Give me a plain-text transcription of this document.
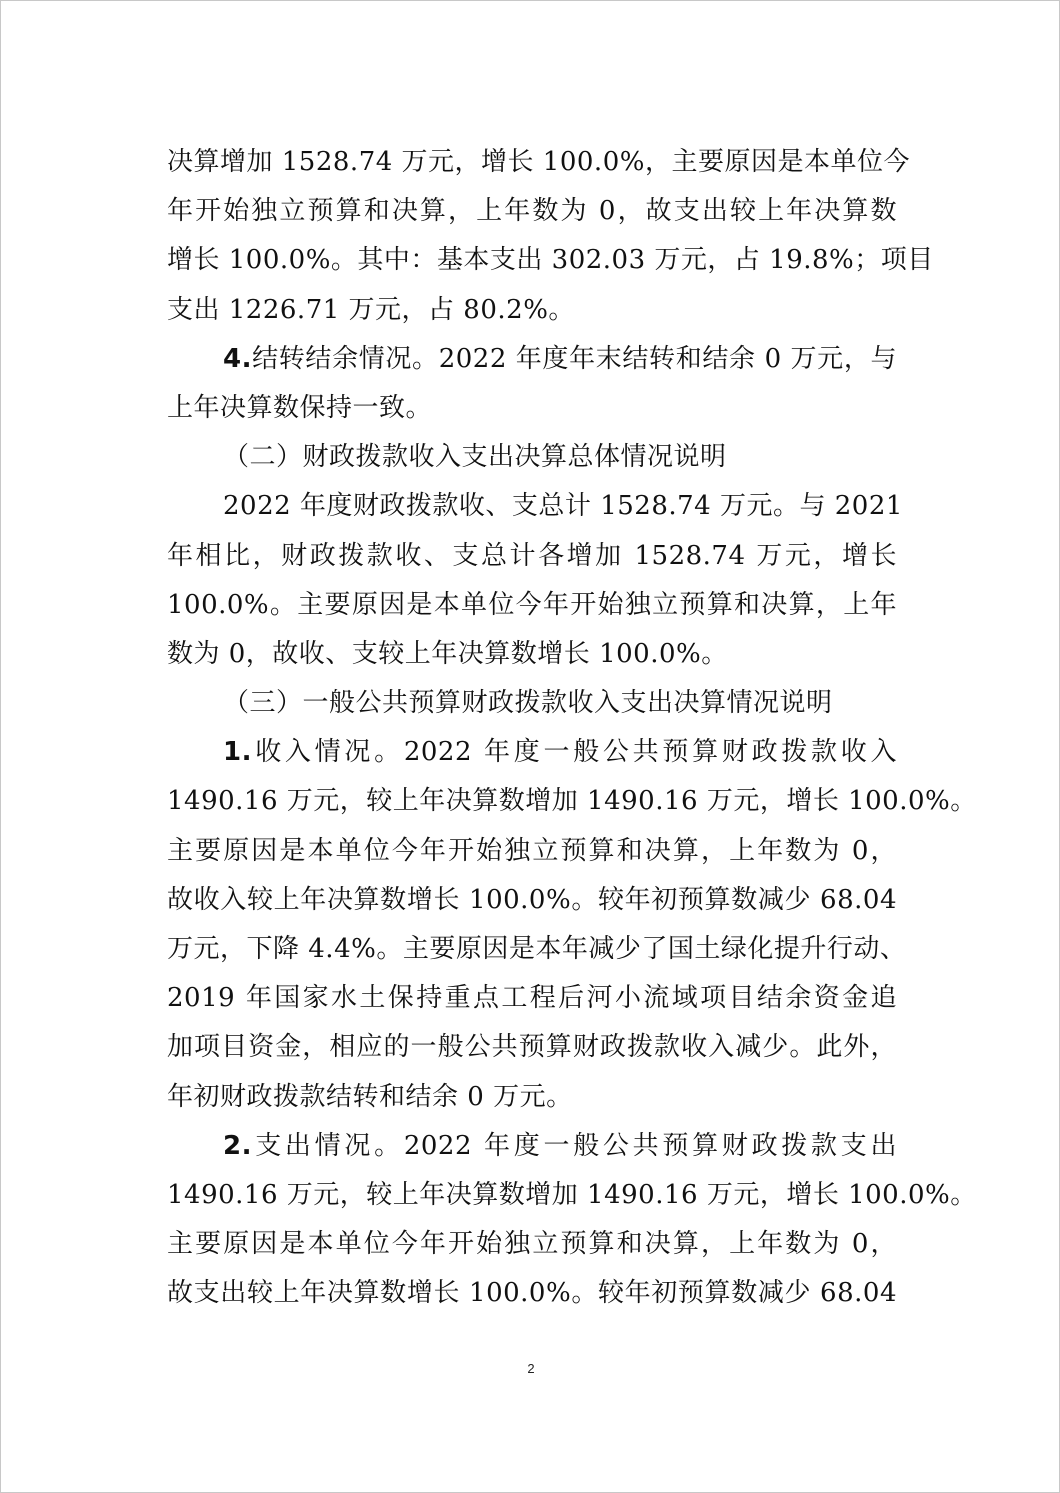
决算增加 1528.74 万元，增长 100.0%，主要原因是本单位今
年开始独立预算和决算，上年数为 0，故支出较上年决算数
增长 100.0%。其中：基本支出 302.03 万元，占 19.8%；项目
支出 1226.71 万元，占 80.2%。
4.结转结余情况。2022 年度年末结转和结余 0 万元，与
上年决算数保持一致。
（二）财政拨款收入支出决算总体情况说明
2022 年度财政拨款收、支总计 1528.74 万元。与 2021
年相比，财政拨款收、支总计各增加 1528.74 万元，增长
100.0%。主要原因是本单位今年开始独立预算和决算，上年
数为 0，故收、支较上年决算数增长 100.0%。
（三）一般公共预算财政拨款收入支出决算情况说明
1.收入情况。2022 年度一般公共预算财政拨款收入
1490.16 万元，较上年决算数增加 1490.16 万元，增长 100.0%。
主要原因是本单位今年开始独立预算和决算，上年数为 0，
故收入较上年决算数增长 100.0%。较年初预算数减少 68.04
万元，下降 4.4%。主要原因是本年减少了国土绿化提升行动、
2019 年国家水土保持重点工程后河小流域项目结余资金追
加项目资金，相应的一般公共预算财政拨款收入减少。此外，
年初财政拨款结转和结余 0 万元。
2.支出情况。2022 年度一般公共预算财政拨款支出
1490.16 万元，较上年决算数增加 1490.16 万元，增长 100.0%。
主要原因是本单位今年开始独立预算和决算，上年数为 0，
故支出较上年决算数增长 100.0%。较年初预算数减少 68.04
2
